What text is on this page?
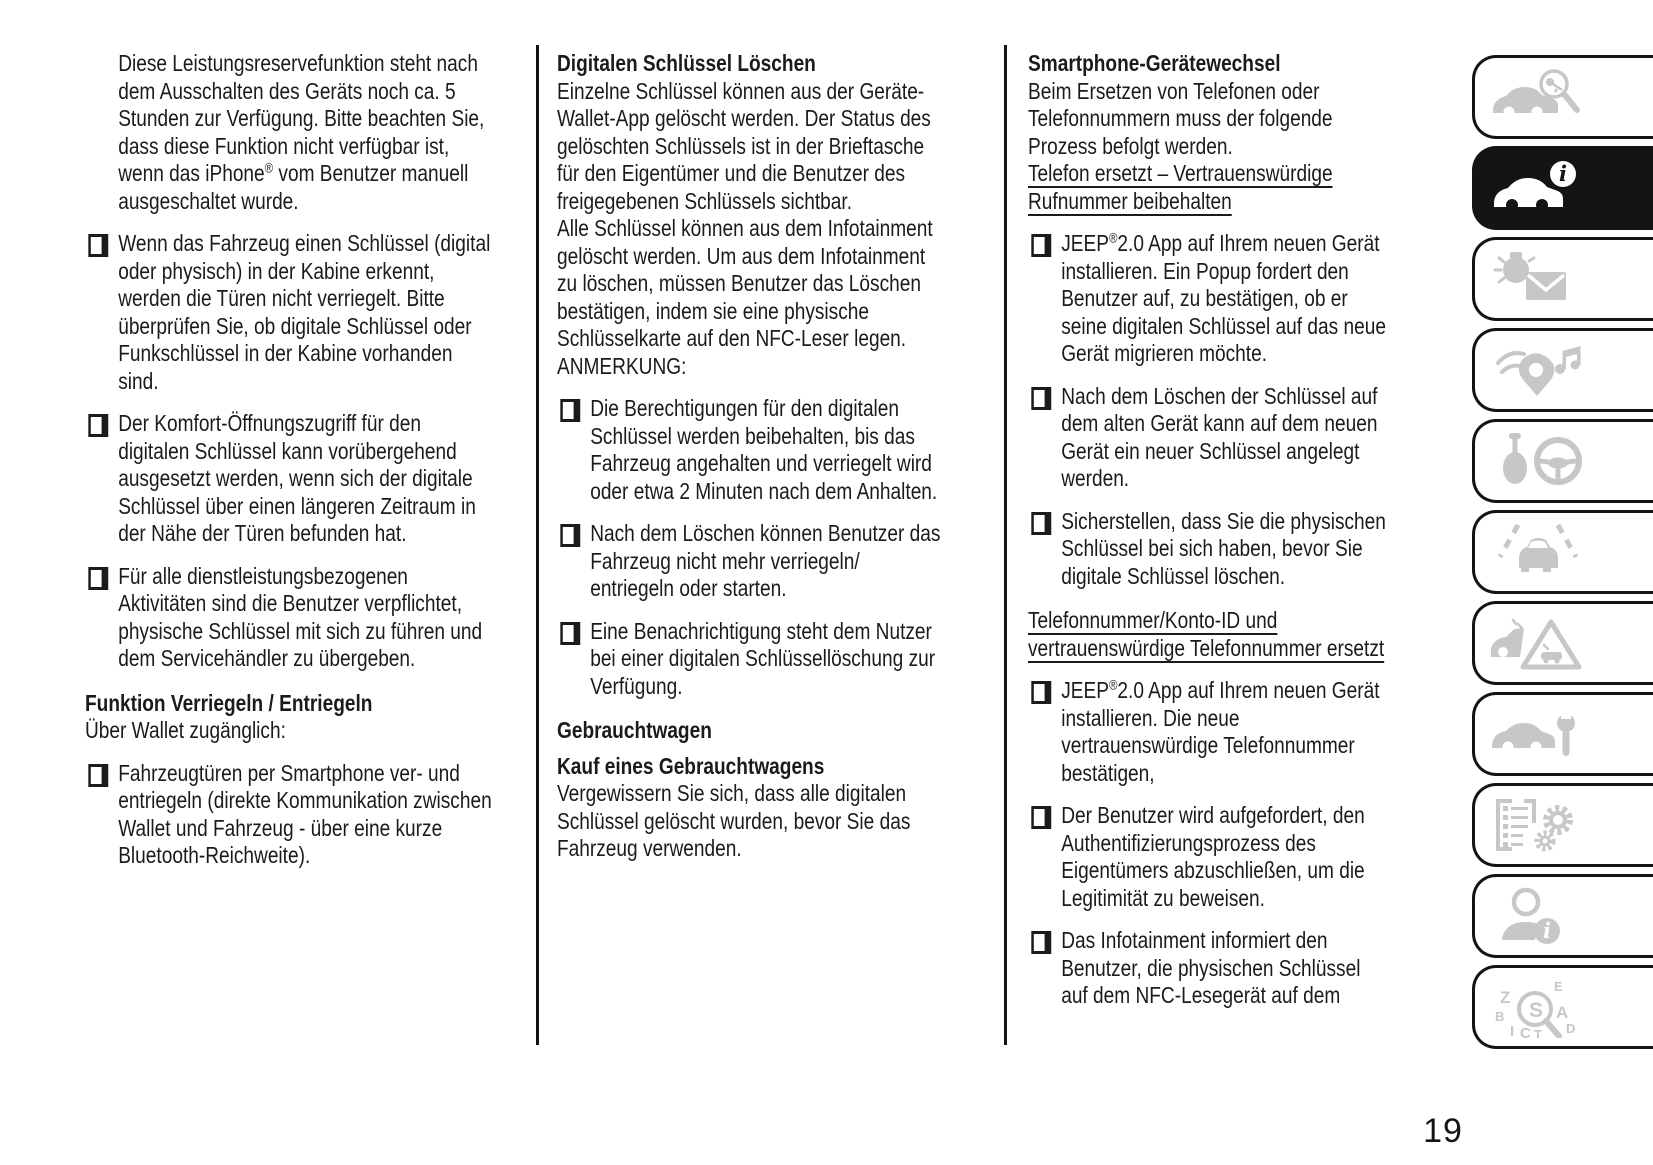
Diese Leistungsreservefunktion steht nach dem Ausschalten des Geräts noch ca. 5 Stunden zur Verfügung. Bitte beachten Sie, dass diese Funktion nicht verfügbar ist, wenn das iPhone® vom Benutzer manuell ausgeschaltet wurde.

Wenn das Fahrzeug einen Schlüssel (digital oder physisch) in der Kabine erkennt, werden die Türen nicht verriegelt. Bitte überprüfen Sie, ob digitale Schlüssel oder Funkschlüssel in der Kabine vorhanden sind.
Der Komfort-Öffnungszugriff für den digitalen Schlüssel kann vorübergehend ausgesetzt werden, wenn sich der digitale Schlüssel über einen längeren Zeitraum in der Nähe der Türen befunden hat.
Für alle dienstleistungsbezogenen Aktivitäten sind die Benutzer verpflichtet, physische Schlüssel mit sich zu führen und dem Servicehändler zu übergeben.

Funktion Verriegeln / Entriegeln

Über Wallet zugänglich:

Fahrzeugtüren per Smartphone ver- und entriegeln (direkte Kommunikation zwischen Wallet und Fahrzeug - über eine kurze Bluetooth-Reichweite).

Digitalen Schlüssel Löschen

Einzelne Schlüssel können aus der Geräte-Wallet-App gelöscht werden. Der Status des gelöschten Schlüssels ist in der Brieftasche für den Eigentümer und die Benutzer des freigegebenen Schlüssels sichtbar.

Alle Schlüssel können aus dem Infotainment gelöscht werden. Um aus dem Infotainment zu löschen, müssen Benutzer das Löschen bestätigen, indem sie eine physische Schlüsselkarte auf den NFC-Leser legen.

ANMERKUNG:

Die Berechtigungen für den digitalen Schlüssel werden beibehalten, bis das Fahrzeug angehalten und verriegelt wird oder etwa 2 Minuten nach dem Anhalten.
Nach dem Löschen können Benutzer das Fahrzeug nicht mehr verriegeln/ entriegeln oder starten.
Eine Benachrichtigung steht dem Nutzer bei einer digitalen Schlüssellöschung zur Verfügung.

Gebrauchtwagen

Kauf eines Gebrauchtwagens

Vergewissern Sie sich, dass alle digitalen Schlüssel gelöscht wurden, bevor Sie das Fahrzeug verwenden.

Smartphone-Gerätewechsel

Beim Ersetzen von Telefonen oder Telefonnummern muss der folgende Prozess befolgt werden.

Telefon ersetzt – Vertrauenswürdige Rufnummer beibehalten

JEEP®2.0 App auf Ihrem neuen Gerät installieren. Ein Popup fordert den Benutzer auf, zu bestätigen, ob er seine digitalen Schlüssel auf das neue Gerät migrieren möchte.
Nach dem Löschen der Schlüssel auf dem alten Gerät kann auf dem neuen Gerät ein neuer Schlüssel angelegt werden.
Sicherstellen, dass Sie die physischen Schlüssel bei sich haben, bevor Sie digitale Schlüssel löschen.

Telefonnummer/Konto-ID und vertrauenswürdige Telefonnummer ersetzt

JEEP®2.0 App auf Ihrem neuen Gerät installieren. Die neue vertrauenswürdige Telefonnummer bestätigen,
Der Benutzer wird aufgefordert, den Authentifizierungsprozess des Eigentümers abzuschließen, um die Legitimität zu beweisen.
Das Infotainment informiert den Benutzer, die physischen Schlüssel auf dem NFC-Lesegerät auf dem
i
i
Z
E
B	A
I C T D
S
19
